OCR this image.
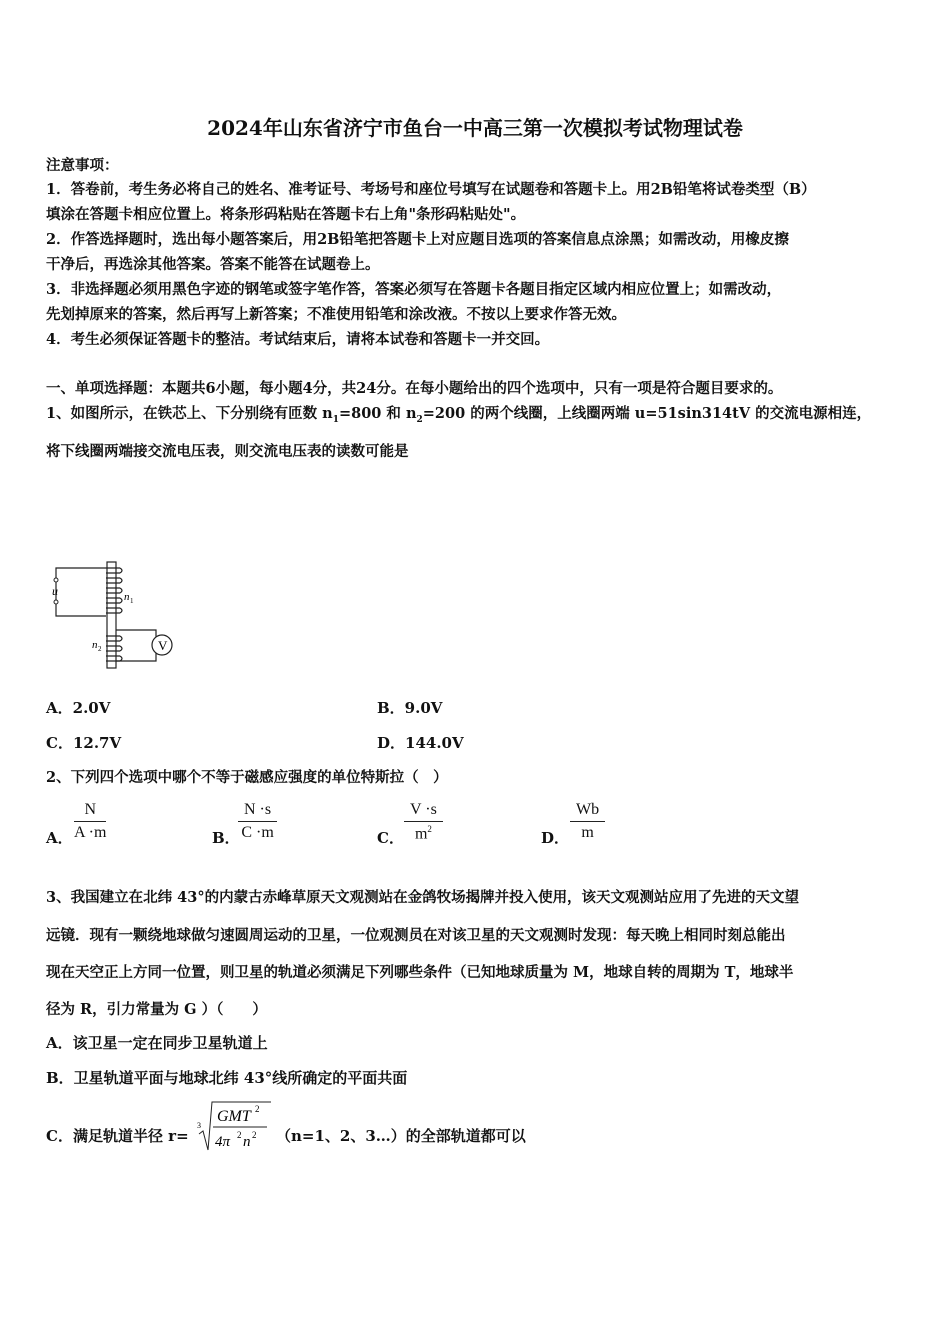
2024年山东省济宁市鱼台一中高三第一次模拟考试物理试卷
注意事项：
1．答卷前，考生务必将自己的姓名、准考证号、考场号和座位号填写在试题卷和答题卡上。用2B铅笔将试卷类型（B）
填涂在答题卡相应位置上。将条形码粘贴在答题卡右上角"条形码粘贴处"。
2．作答选择题时，选出每小题答案后，用2B铅笔把答题卡上对应题目选项的答案信息点涂黑；如需改动，用橡皮擦
干净后，再选涂其他答案。答案不能答在试题卷上。
3．非选择题必须用黑色字迹的钢笔或签字笔作答，答案必须写在答题卡各题目指定区域内相应位置上；如需改动，
先划掉原来的答案，然后再写上新答案；不准使用铅笔和涂改液。不按以上要求作答无效。
4．考生必须保证答题卡的整洁。考试结束后，请将本试卷和答题卡一并交回。
一、单项选择题：本题共6小题，每小题4分，共24分。在每小题给出的四个选项中，只有一项是符合题目要求的。
1、如图所示，在铁芯上、下分别绕有匝数 $n_1=800$ 和 $n_2=200$ 的两个线圈，上线圈两端 u=51sin314tV 的交流电源相连，
将下线圈两端接交流电压表，则交流电压表的读数可能是
V
u	n 1
n 2
A．2.0V	B．9.0V
C．12.7V	D．144.0V
2、下列四个选项中哪个不等于磁感应强度的单位特斯拉（　）
A． $\frac{N}{A \cdot m}$	B．
$\frac{N \cdot s}{C \cdot m}$	C． $\frac{V \cdot s}{m^2}$	D． $\frac{Wb}{m}$
3、我国建立在北纬 43°的内蒙古赤峰草原天文观测站在金鸽牧场揭牌并投入使用，该天文观测站应用了先进的天文望
远镜．现有一颗绕地球做匀速圆周运动的卫星，一位观测员在对该卫星的天文观测时发现：每天晚上相同时刻总能出
现在天空正上方同一位置，则卫星的轨道必须满足下列哪些条件（已知地球质量为 M，地球自转的周期为 T，地球半
径为 R，引力常量为 G ）（　　）
A．该卫星一定在同步卫星轨道上
B．卫星轨道平面与地球北纬 43°线所确定的平面共面
C．满足轨道半径 r=
3
GMT 2
4π 2 n 2 （n=1、2、3…）的全部轨道都可以
